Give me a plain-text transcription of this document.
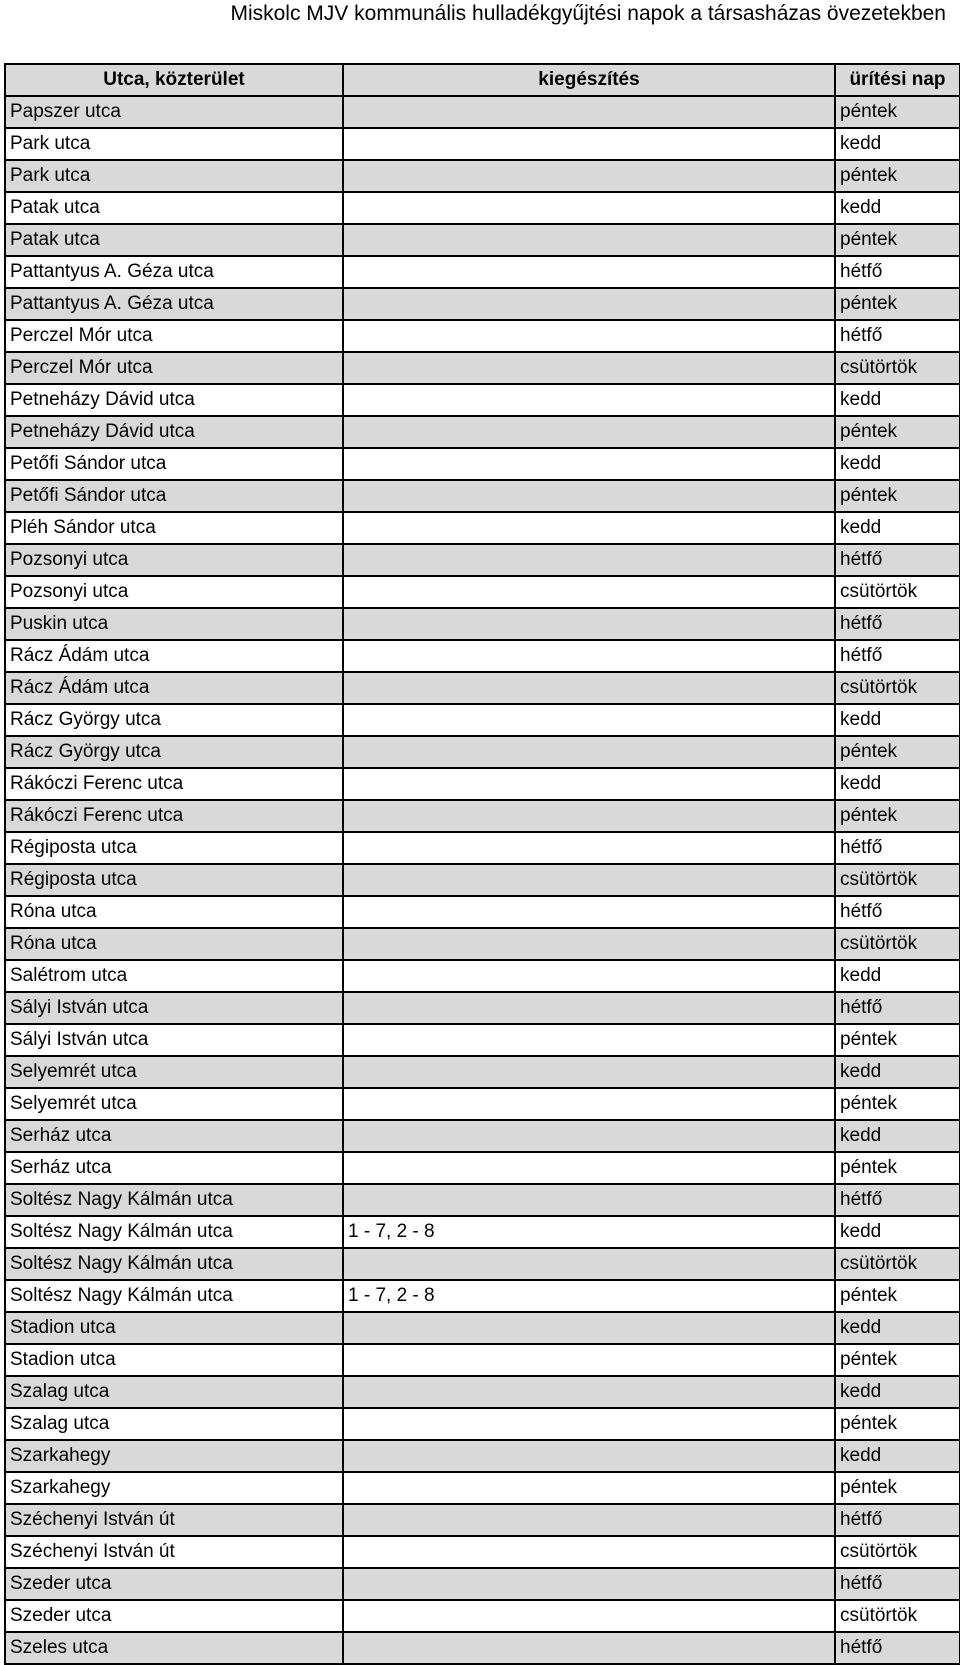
Miskolc MJV kommunális hulladékgyűjtési napok a társasházas övezetekben
Utca, közterület	kiegészítés	ürítési nap
Papszer utca		péntek
Park utca		kedd
Park utca		péntek
Patak utca		kedd
Patak utca		péntek
Pattantyus A. Géza utca		hétfő
Pattantyus A. Géza utca		péntek
Perczel Mór utca		hétfő
Perczel Mór utca		csütörtök
Petneházy Dávid utca		kedd
Petneházy Dávid utca		péntek
Petőfi Sándor utca		kedd
Petőfi Sándor utca		péntek
Pléh Sándor utca		kedd
Pozsonyi utca		hétfő
Pozsonyi utca		csütörtök
Puskin utca		hétfő
Rácz Ádám utca		hétfő
Rácz Ádám utca		csütörtök
Rácz György utca		kedd
Rácz György utca		péntek
Rákóczi Ferenc utca		kedd
Rákóczi Ferenc utca		péntek
Régiposta utca		hétfő
Régiposta utca		csütörtök
Róna utca		hétfő
Róna utca		csütörtök
Salétrom utca		kedd
Sályi István utca		hétfő
Sályi István utca		péntek
Selyemrét utca		kedd
Selyemrét utca		péntek
Serház utca		kedd
Serház utca		péntek
Soltész Nagy Kálmán utca		hétfő
Soltész Nagy Kálmán utca	1 - 7, 2 - 8	kedd
Soltész Nagy Kálmán utca		csütörtök
Soltész Nagy Kálmán utca	1 - 7, 2 - 8	péntek
Stadion utca		kedd
Stadion utca		péntek
Szalag utca		kedd
Szalag utca		péntek
Szarkahegy		kedd
Szarkahegy		péntek
Széchenyi István út		hétfő
Széchenyi István út		csütörtök
Szeder utca		hétfő
Szeder utca		csütörtök
Szeles utca		hétfő
